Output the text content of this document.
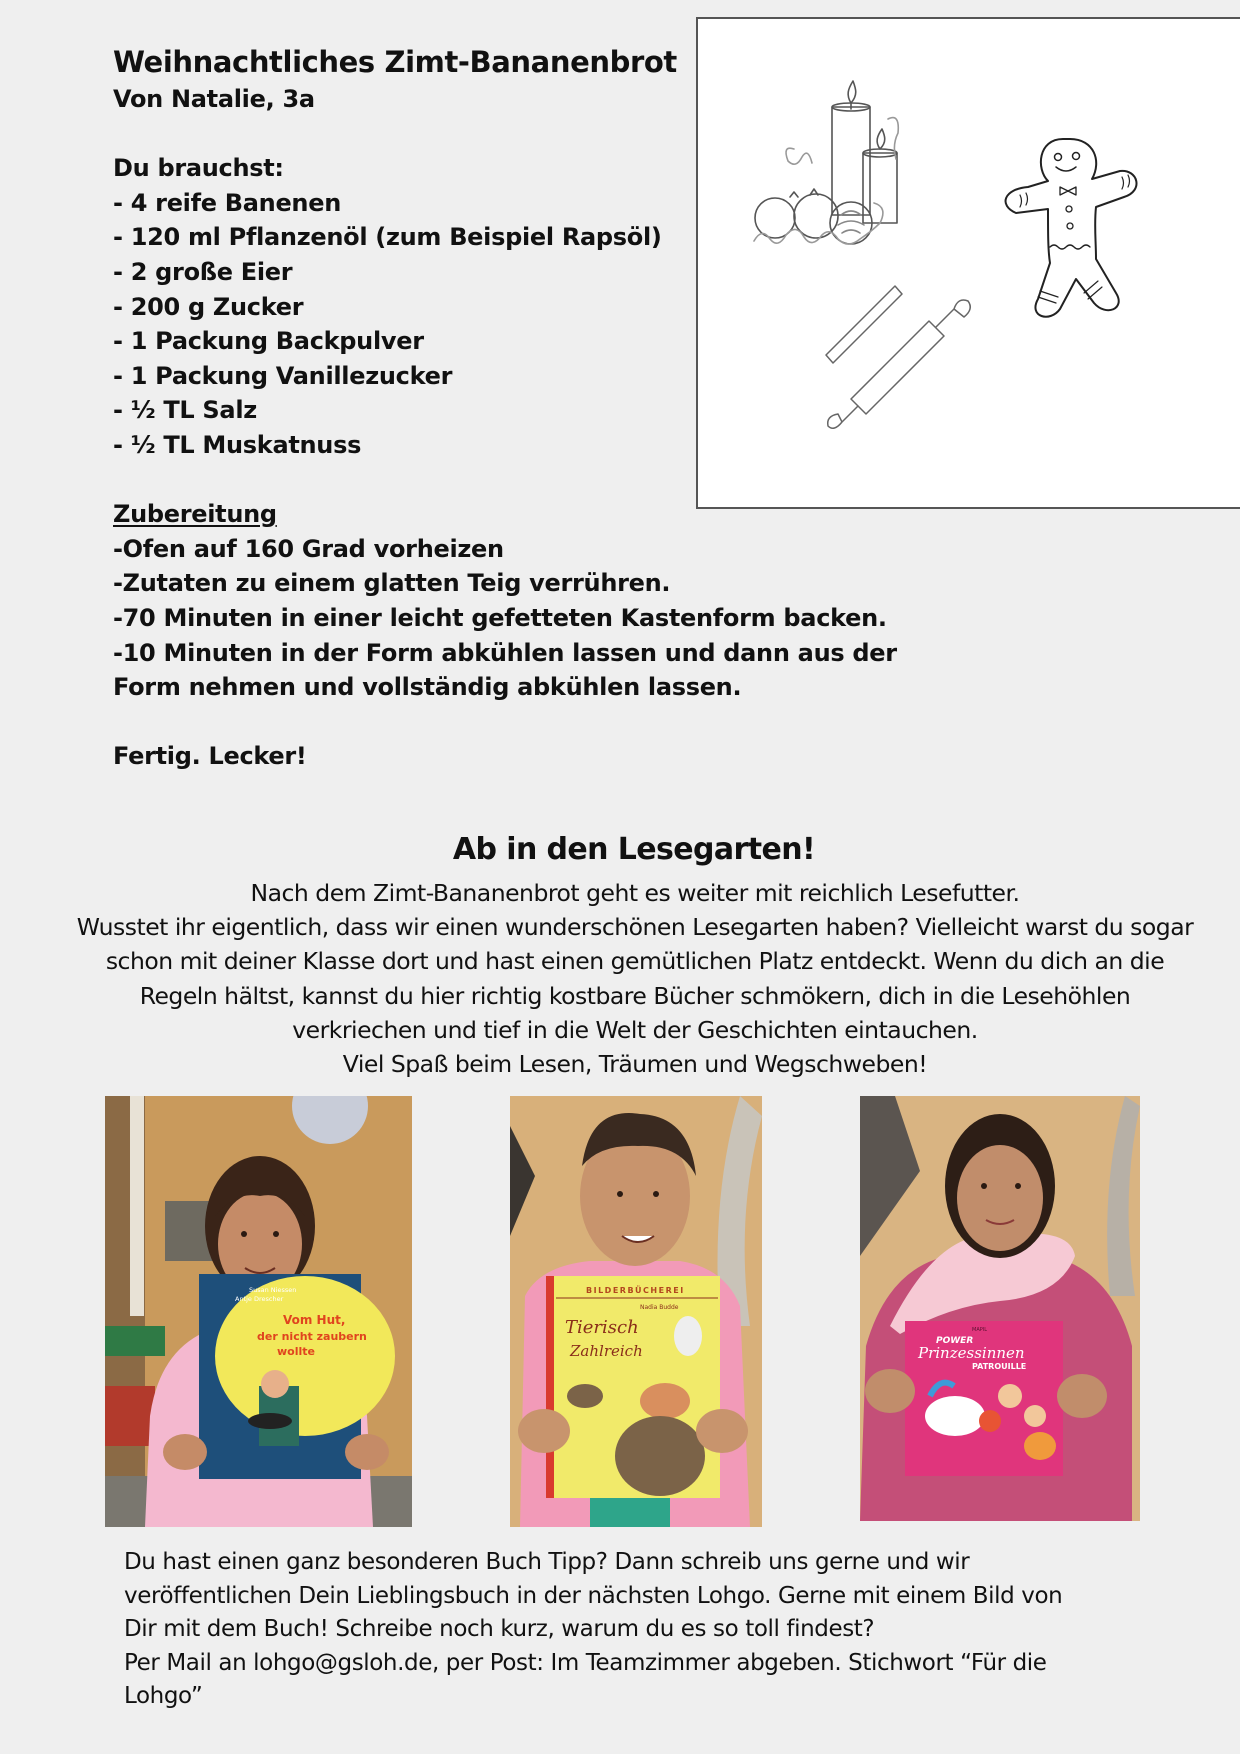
Weihnachtliches Zimt-Bananenbrot
Von Natalie, 3a
Du brauchst:
- 4 reife Banenen
- 120 ml Pflanzenöl (zum Beispiel Rapsöl)
- 2 große Eier
- 200 g Zucker
- 1 Packung Backpulver
- 1 Packung Vanillezucker
- ½ TL Salz
- ½ TL Muskatnuss
Zubereitung
-Ofen auf 160 Grad vorheizen
-Zutaten zu einem glatten Teig verrühren.
-70 Minuten in einer leicht gefetteten Kastenform backen.
-10 Minuten in der Form abkühlen lassen und dann aus der
Form nehmen und vollständig abkühlen lassen.
Fertig. Lecker!
Ab in den Lesegarten!
Nach dem Zimt-Bananenbrot geht es weiter mit reichlich Lesefutter.
Wusstet ihr eigentlich, dass wir einen wunderschönen Lesegarten haben? Vielleicht warst du sogar
schon mit deiner Klasse dort und hast einen gemütlichen Platz entdeckt. Wenn du dich an die
Regeln hältst, kannst du hier richtig kostbare Bücher schmökern, dich in die Lesehöhlen
verkriechen und tief in die Welt der Geschichten eintauchen.
Viel Spaß beim Lesen, Träumen und Wegschweben!
Susan Niessen
Antje Drescher
Vom Hut,
der nicht zaubern
wollte
BILDERBÜCHEREI
Nadia Budde
Tierisch
Zahlreich
MAPIL
POWER
Prinzessinnen
PATROUILLE
Du hast einen ganz besonderen Buch Tipp? Dann schreib uns gerne und wir
veröffentlichen Dein Lieblingsbuch in der nächsten Lohgo. Gerne mit einem Bild von
Dir mit dem Buch! Schreibe noch kurz, warum du es so toll findest?
Per Mail an lohgo@gsloh.de, per Post: Im Teamzimmer abgeben. Stichwort “Für die
Lohgo”
